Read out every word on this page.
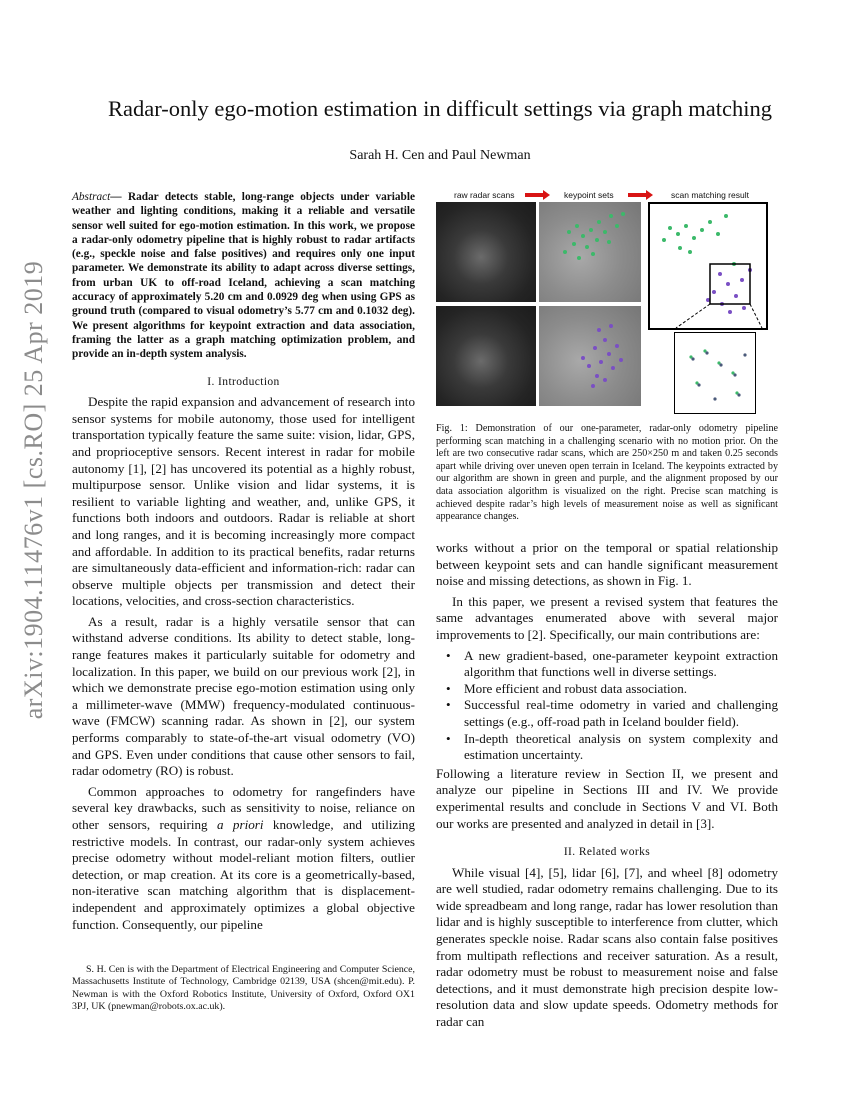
arXiv:1904.11476v1 [cs.RO] 25 Apr 2019
Radar-only ego-motion estimation in difficult settings via graph matching
Sarah H. Cen and Paul Newman

Abstract— Radar detects stable, long-range objects under variable weather and lighting conditions, making it a reliable and versatile sensor well suited for ego-motion estimation. In this work, we propose a radar-only odometry pipeline that is highly robust to radar artifacts (e.g., speckle noise and false positives) and requires only one input parameter. We demonstrate its ability to adapt across diverse settings, from urban UK to off-road Iceland, achieving a scan matching accuracy of approximately 5.20 cm and 0.0929 deg when using GPS as ground truth (compared to visual odometry’s 5.77 cm and 0.1032 deg). We present algorithms for keypoint extraction and data association, framing the latter as a graph matching optimization problem, and provide an in-depth system analysis.

I. Introduction

Despite the rapid expansion and advancement of research into sensor systems for mobile autonomy, those used for intelligent transportation typically feature the same suite: vision, lidar, GPS, and proprioceptive sensors. Recent interest in radar for mobile autonomy [1], [2] has uncovered its potential as a highly robust, multipurpose sensor. Unlike vision and lidar systems, it is resilient to variable lighting and weather, and, unlike GPS, it functions both indoors and outdoors. Radar is reliable at short and long ranges, and it is becoming increasingly more compact and affordable. In addition to its practical benefits, radar returns are simultaneously data-efficient and information-rich: radar can observe multiple objects per transmission and detect their locations, velocities, and cross-section characteristics.

As a result, radar is a highly versatile sensor that can withstand adverse conditions. Its ability to detect stable, long-range features makes it particularly suitable for odometry and localization. In this paper, we build on our previous work [2], in which we demonstrate precise ego-motion estimation using only a millimeter-wave (MMW) frequency-modulated continuous-wave (FMCW) scanning radar. As shown in [2], our system performs comparably to state-of-the-art visual odometry (VO) and GPS. Even under conditions that cause other sensors to fail, radar odometry (RO) is robust.

Common approaches to odometry for rangefinders have several key drawbacks, such as sensitivity to noise, reliance on other sensors, requiring a priori knowledge, and utilizing restrictive models. In contrast, our radar-only system achieves precise odometry without model-reliant motion filters, outlier detection, or map creation. At its core is a geometrically-based, non-iterative scan matching algorithm that is displacement-independent and approximately optimizes a global objective function. Consequently, our pipeline

S. H. Cen is with the Department of Electrical Engineering and Computer Science, Massachusetts Institute of Technology, Cambridge 02139, USA (shcen@mit.edu). P. Newman is with the Oxford Robotics Institute, University of Oxford, Oxford OX1 3PJ, UK (pnewman@robots.ox.ac.uk).
raw radar scans	keypoint sets	scan matching result
Fig. 1: Demonstration of our one-parameter, radar-only odometry pipeline performing scan matching in a challenging scenario with no motion prior. On the left are two consecutive radar scans, which are 250×250 m and taken 0.25 seconds apart while driving over uneven open terrain in Iceland. The keypoints extracted by our algorithm are shown in green and purple, and the alignment proposed by our data association algorithm is visualized on the right. Precise scan matching is achieved despite radar’s high levels of measurement noise as well as significant appearance changes.

works without a prior on the temporal or spatial relationship between keypoint sets and can handle significant measurement noise and missing detections, as shown in Fig. 1.

In this paper, we present a revised system that features the same advantages enumerated above with several major improvements to [2]. Specifically, our main contributions are:

• A new gradient-based, one-parameter keypoint extraction algorithm that functions well in diverse settings.
• More efficient and robust data association.
• Successful real-time odometry in varied and challenging settings (e.g., off-road path in Iceland boulder field).
• In-depth theoretical analysis on system complexity and estimation uncertainty.

Following a literature review in Section II, we present and analyze our pipeline in Sections III and IV. We provide experimental results and conclude in Sections V and VI. Both our works are presented and analyzed in detail in [3].

II. Related works

While visual [4], [5], lidar [6], [7], and wheel [8] odometry are well studied, radar odometry remains challenging. Due to its wide spreadbeam and long range, radar has lower resolution than lidar and is highly susceptible to interference from clutter, which generates speckle noise. Radar scans also contain false positives from multipath reflections and receiver saturation. As a result, radar odometry must be robust to measurement noise and false detections, and it must demonstrate high precision despite low-resolution data and slow update speeds. Odometry methods for radar can
